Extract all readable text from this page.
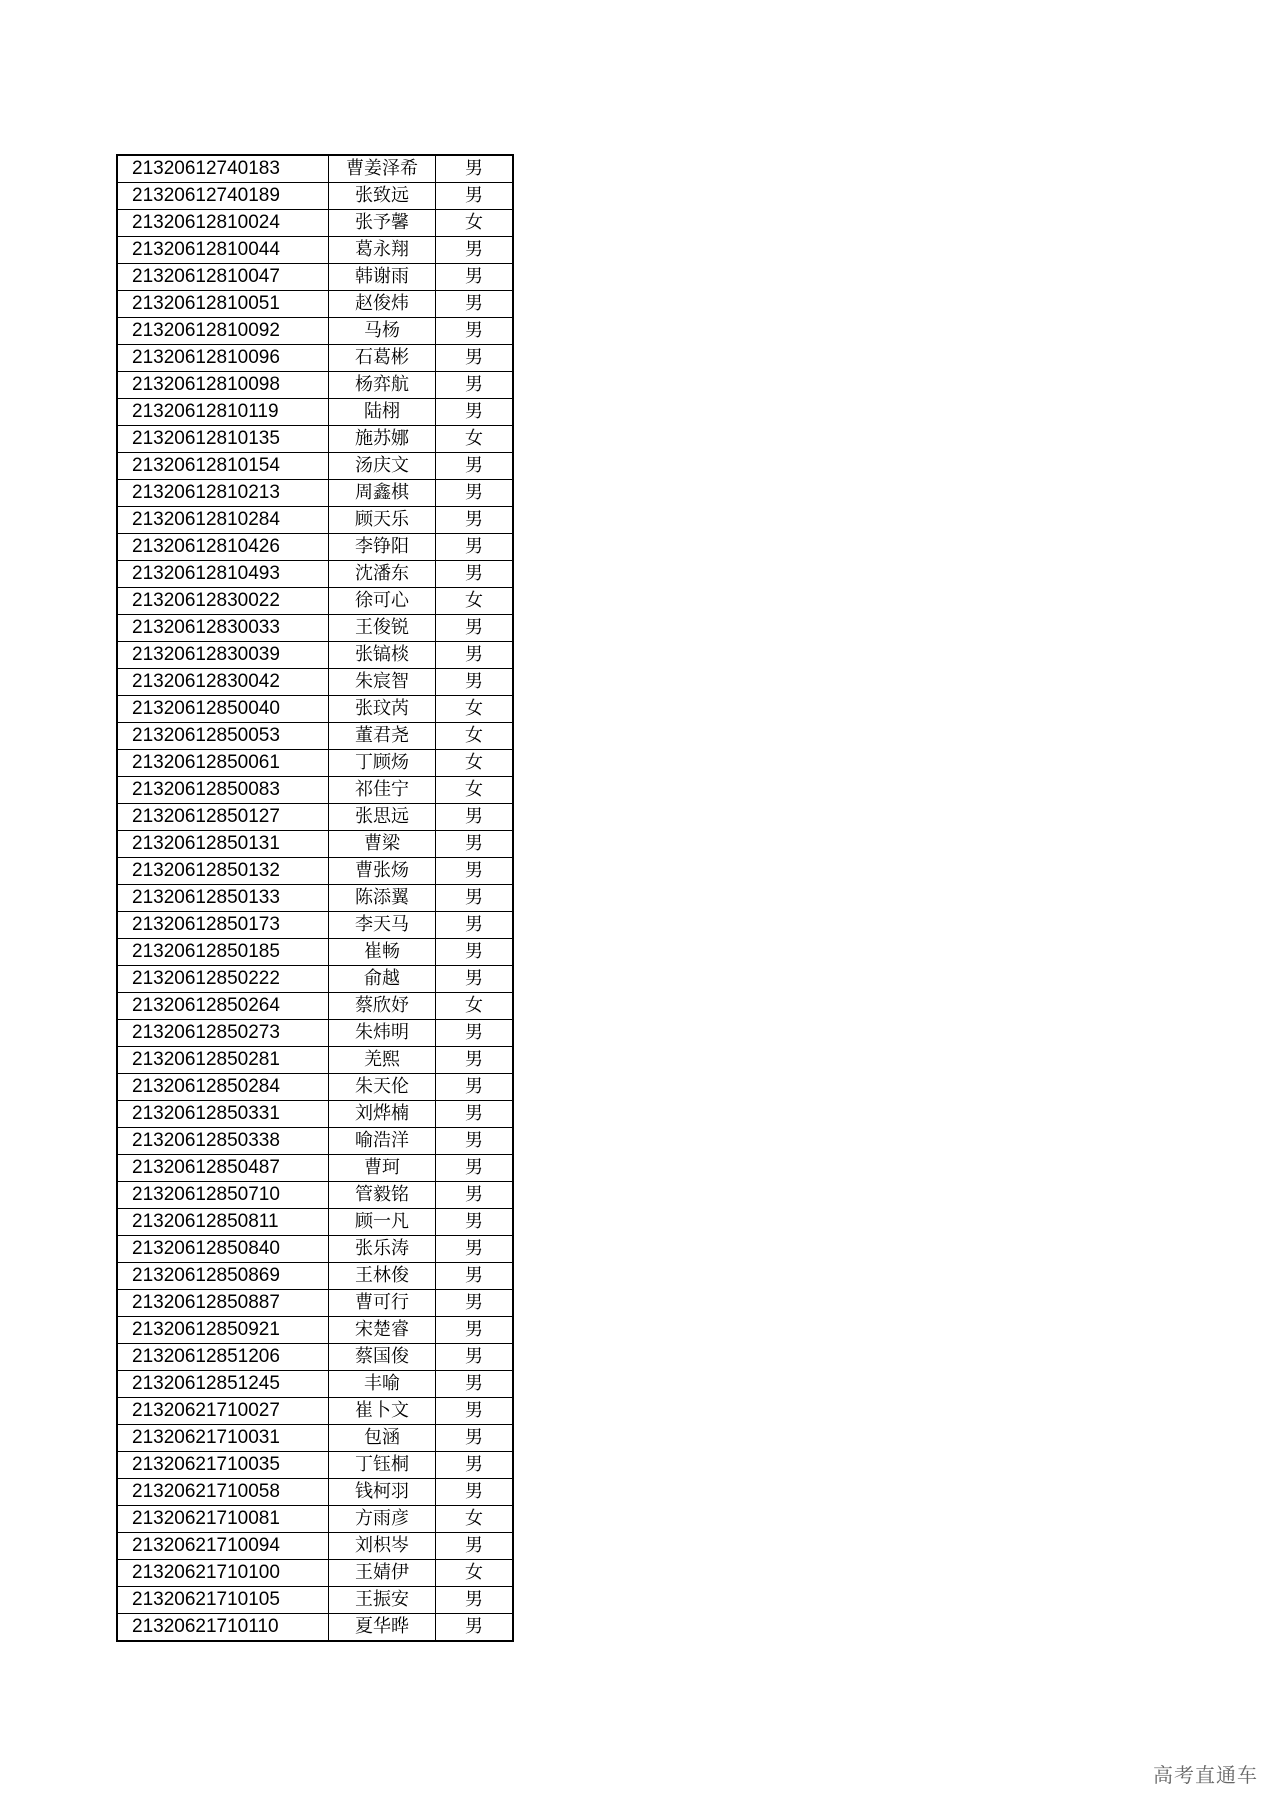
21320612740183	曹姜泽希	男
21320612740189	张致远	男
21320612810024	张予馨	女
21320612810044	葛永翔	男
21320612810047	韩谢雨	男
21320612810051	赵俊炜	男
21320612810092	马杨	男
21320612810096	石葛彬	男
21320612810098	杨弈航	男
21320612810119	陆栩	男
21320612810135	施苏娜	女
21320612810154	汤庆文	男
21320612810213	周鑫棋	男
21320612810284	顾天乐	男
21320612810426	李铮阳	男
21320612810493	沈潘东	男
21320612830022	徐可心	女
21320612830033	王俊锐	男
21320612830039	张镐棪	男
21320612830042	朱宸智	男
21320612850040	张玟芮	女
21320612850053	董君尧	女
21320612850061	丁顾炀	女
21320612850083	祁佳宁	女
21320612850127	张思远	男
21320612850131	曹梁	男
21320612850132	曹张炀	男
21320612850133	陈添翼	男
21320612850173	李天马	男
21320612850185	崔畅	男
21320612850222	俞越	男
21320612850264	蔡欣妤	女
21320612850273	朱炜明	男
21320612850281	羌熙	男
21320612850284	朱天伦	男
21320612850331	刘烨楠	男
21320612850338	喻浩洋	男
21320612850487	曹珂	男
21320612850710	管毅铭	男
21320612850811	顾一凡	男
21320612850840	张乐涛	男
21320612850869	王林俊	男
21320612850887	曹可行	男
21320612850921	宋楚睿	男
21320612851206	蔡国俊	男
21320612851245	丰喻	男
21320621710027	崔卜文	男
21320621710031	包涵	男
21320621710035	丁钰桐	男
21320621710058	钱柯羽	男
21320621710081	方雨彦	女
21320621710094	刘枳岑	男
21320621710100	王婧伊	女
21320621710105	王振安	男
21320621710110	夏华晔	男
高考直通车
